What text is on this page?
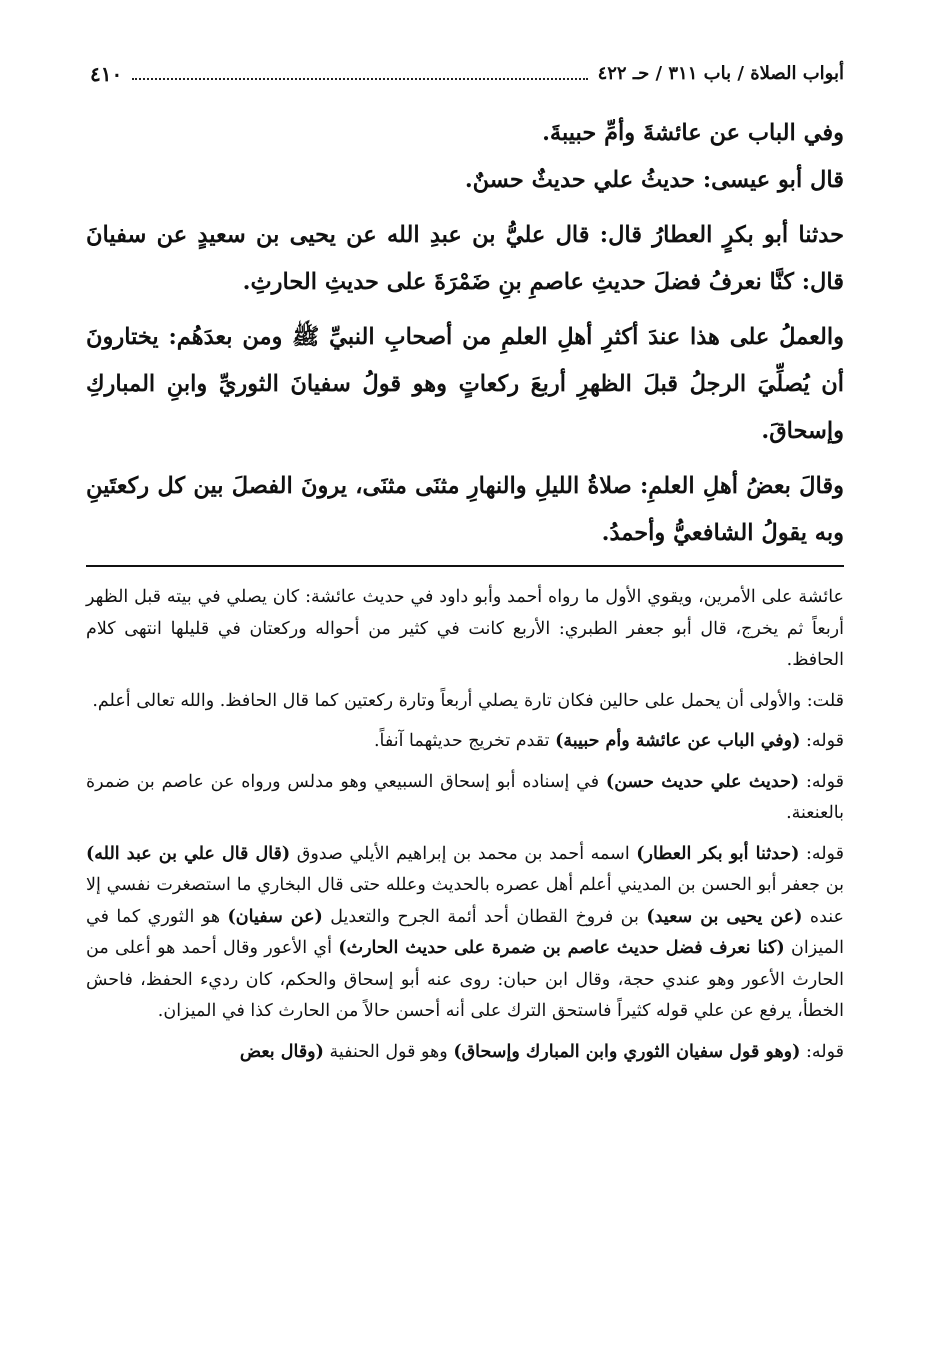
أبواب الصلاة / باب ٣١١ / حـ ٤٢٢
٤١٠

وفي الباب عن عائشةَ وأمِّ حبيبةَ.

قال أبو عيسى: حديثُ علي حديثٌ حسنٌ.

حدثنا أبو بكرٍ العطارُ قال: قال عليُّ بن عبدِ الله عن يحيى بن سعيدٍ عن سفيانَ قال: كنَّا نعرفُ فضلَ حديثِ عاصمِ بنِ ضَمْرَةَ على حديثِ الحارثِ.

والعملُ على هذا عندَ أكثرِ أهلِ العلمِ من أصحابِ النبيِّ ﷺ ومن بعدَهُم: يختارونَ أن يُصلِّيَ الرجلُ قبلَ الظهرِ أربعَ ركعاتٍ وهو قولُ سفيانَ الثوريِّ وابنِ المباركِ وإسحاقَ.

وقالَ بعضُ أهلِ العلمِ: صلاةُ الليلِ والنهارِ مثنَى مثنَى، يرونَ الفصلَ بين كل ركعتَينِ وبه يقولُ الشافعيُّ وأحمدُ.

عائشة على الأمرين، ويقوي الأول ما رواه أحمد وأبو داود في حديث عائشة: كان يصلي في بيته قبل الظهر أربعاً ثم يخرج، قال أبو جعفر الطبري: الأربع كانت في كثير من أحواله وركعتان في قليلها انتهى كلام الحافظ.

قلت: والأولى أن يحمل على حالين فكان تارة يصلي أربعاً وتارة ركعتين كما قال الحافظ. والله تعالى أعلم.

قوله: (وفي الباب عن عائشة وأم حبيبة) تقدم تخريج حديثهما آنفاً.

قوله: (حديث علي حديث حسن) في إسناده أبو إسحاق السبيعي وهو مدلس ورواه عن عاصم بن ضمرة بالعنعنة.

قوله: (حدثنا أبو بكر العطار) اسمه أحمد بن محمد بن إبراهيم الأيلي صدوق (قال قال علي بن عبد الله) بن جعفر أبو الحسن بن المديني أعلم أهل عصره بالحديث وعلله حتى قال البخاري ما استصغرت نفسي إلا عنده (عن يحيى بن سعيد) بن فروخ القطان أحد أئمة الجرح والتعديل (عن سفيان) هو الثوري كما في الميزان (كنا نعرف فضل حديث عاصم بن ضمرة على حديث الحارث) أي الأعور وقال أحمد هو أعلى من الحارث الأعور وهو عندي حجة، وقال ابن حبان: روى عنه أبو إسحاق والحكم، كان رديء الحفظ، فاحش الخطأ، يرفع عن علي قوله كثيراً فاستحق الترك على أنه أحسن حالاً من الحارث كذا في الميزان.

قوله: (وهو قول سفيان الثوري وابن المبارك وإسحاق) وهو قول الحنفية (وقال بعض
